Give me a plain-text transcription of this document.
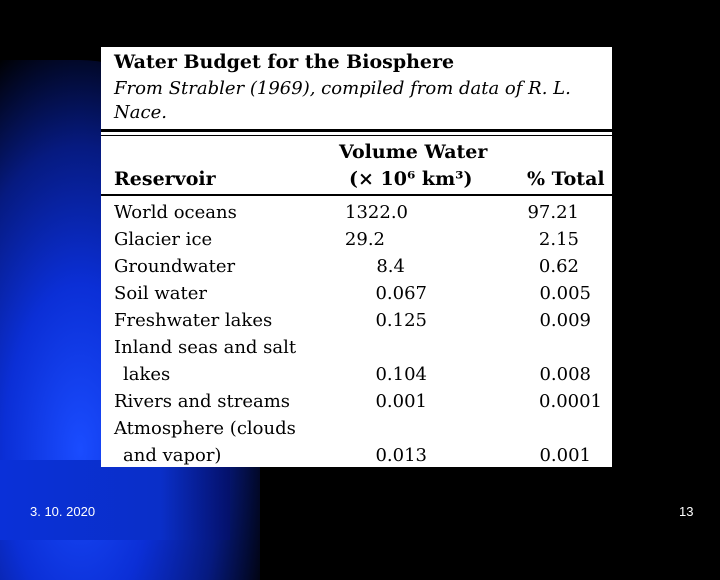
Water Budget for the Biosphere
From Strabler (1969), compiled from data of R. L. Nace.
Volume Water
Reservoir	(× 10⁶ km³)	% Total
World oceans	1322.0	97.21
Glacier ice	29.2	2.15
Groundwater	8.4	0.62
Soil water	0.067	0.005
Freshwater lakes	0.125	0.009
Inland seas and salt
lakes	0.104	0.008
Rivers and streams	0.001	0.0001
Atmosphere (clouds
and vapor)	0.013	0.001
3. 10. 2020	13
